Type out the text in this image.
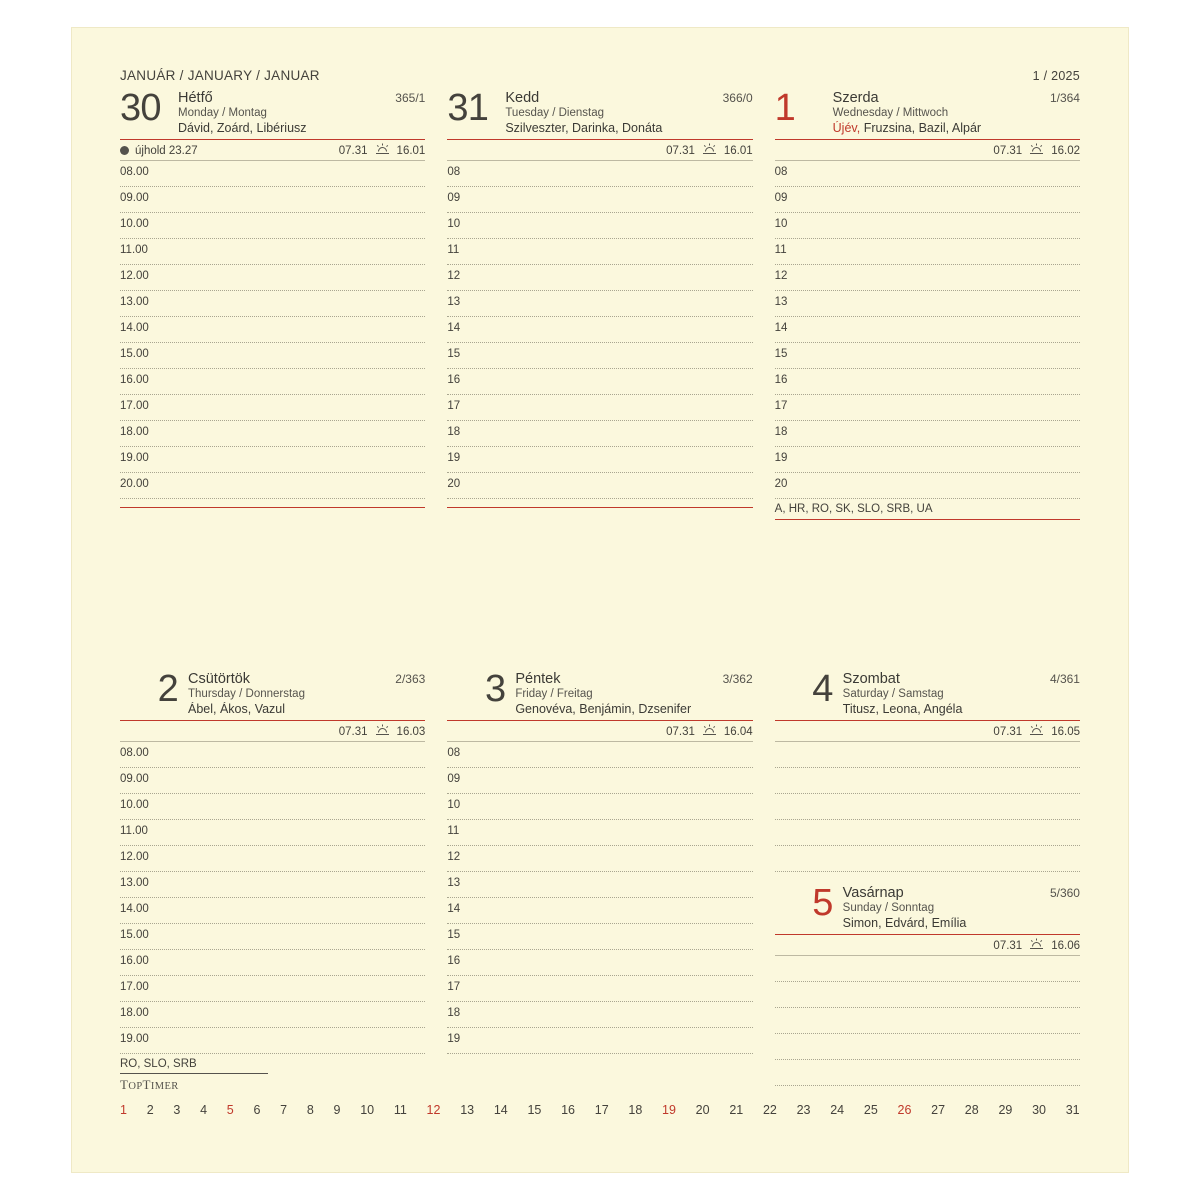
JANUÁR / JANUARY / JANUAR	1 / 2025
30	Hétfő	365/1
Monday / Montag
Dávid, Zoárd, Libériusz
újhold 23.27	07.31	16.01
08.00
09.00
10.00
11.00
12.00
13.00
14.00
15.00
16.00
17.00
18.00
19.00
20.00
31	Kedd	366/0
Tuesday / Dienstag
Szilveszter, Darinka, Donáta
07.31	16.01
08
09
10
11
12
13
14
15
16
17
18
19
20
1	Szerda	1/364
Wednesday / Mittwoch
Újév, Fruzsina, Bazil, Alpár
07.31	16.02
08
09
10
11
12
13
14
15
16
17
18
19
20
A, HR, RO, SK, SLO, SRB, UA
2 Csütörtök	2/363
Thursday / Donnerstag
Ábel, Ákos, Vazul
07.31	16.03
08.00
09.00
10.00
11.00
12.00
13.00
14.00
15.00
16.00
17.00
18.00
19.00
RO, SLO, SRB
TOPTIMER
3 Péntek	3/362
Friday / Freitag
Genovéva, Benjámin, Dzsenifer
07.31	16.04
08
09
10
11
12
13
14
15
16
17
18
19
4 Szombat	4/361
Saturday / Samstag
Titusz, Leona, Angéla
07.31	16.05
5 Vasárnap	5/360
Sunday / Sonntag
Simon, Edvárd, Emília
07.31	16.06
1 2 3 4 5 6 7 8 9 10 11 12 13 14 15 16 17 18 19 20 21 22 23 24 25 26 27 28 29 30 31
